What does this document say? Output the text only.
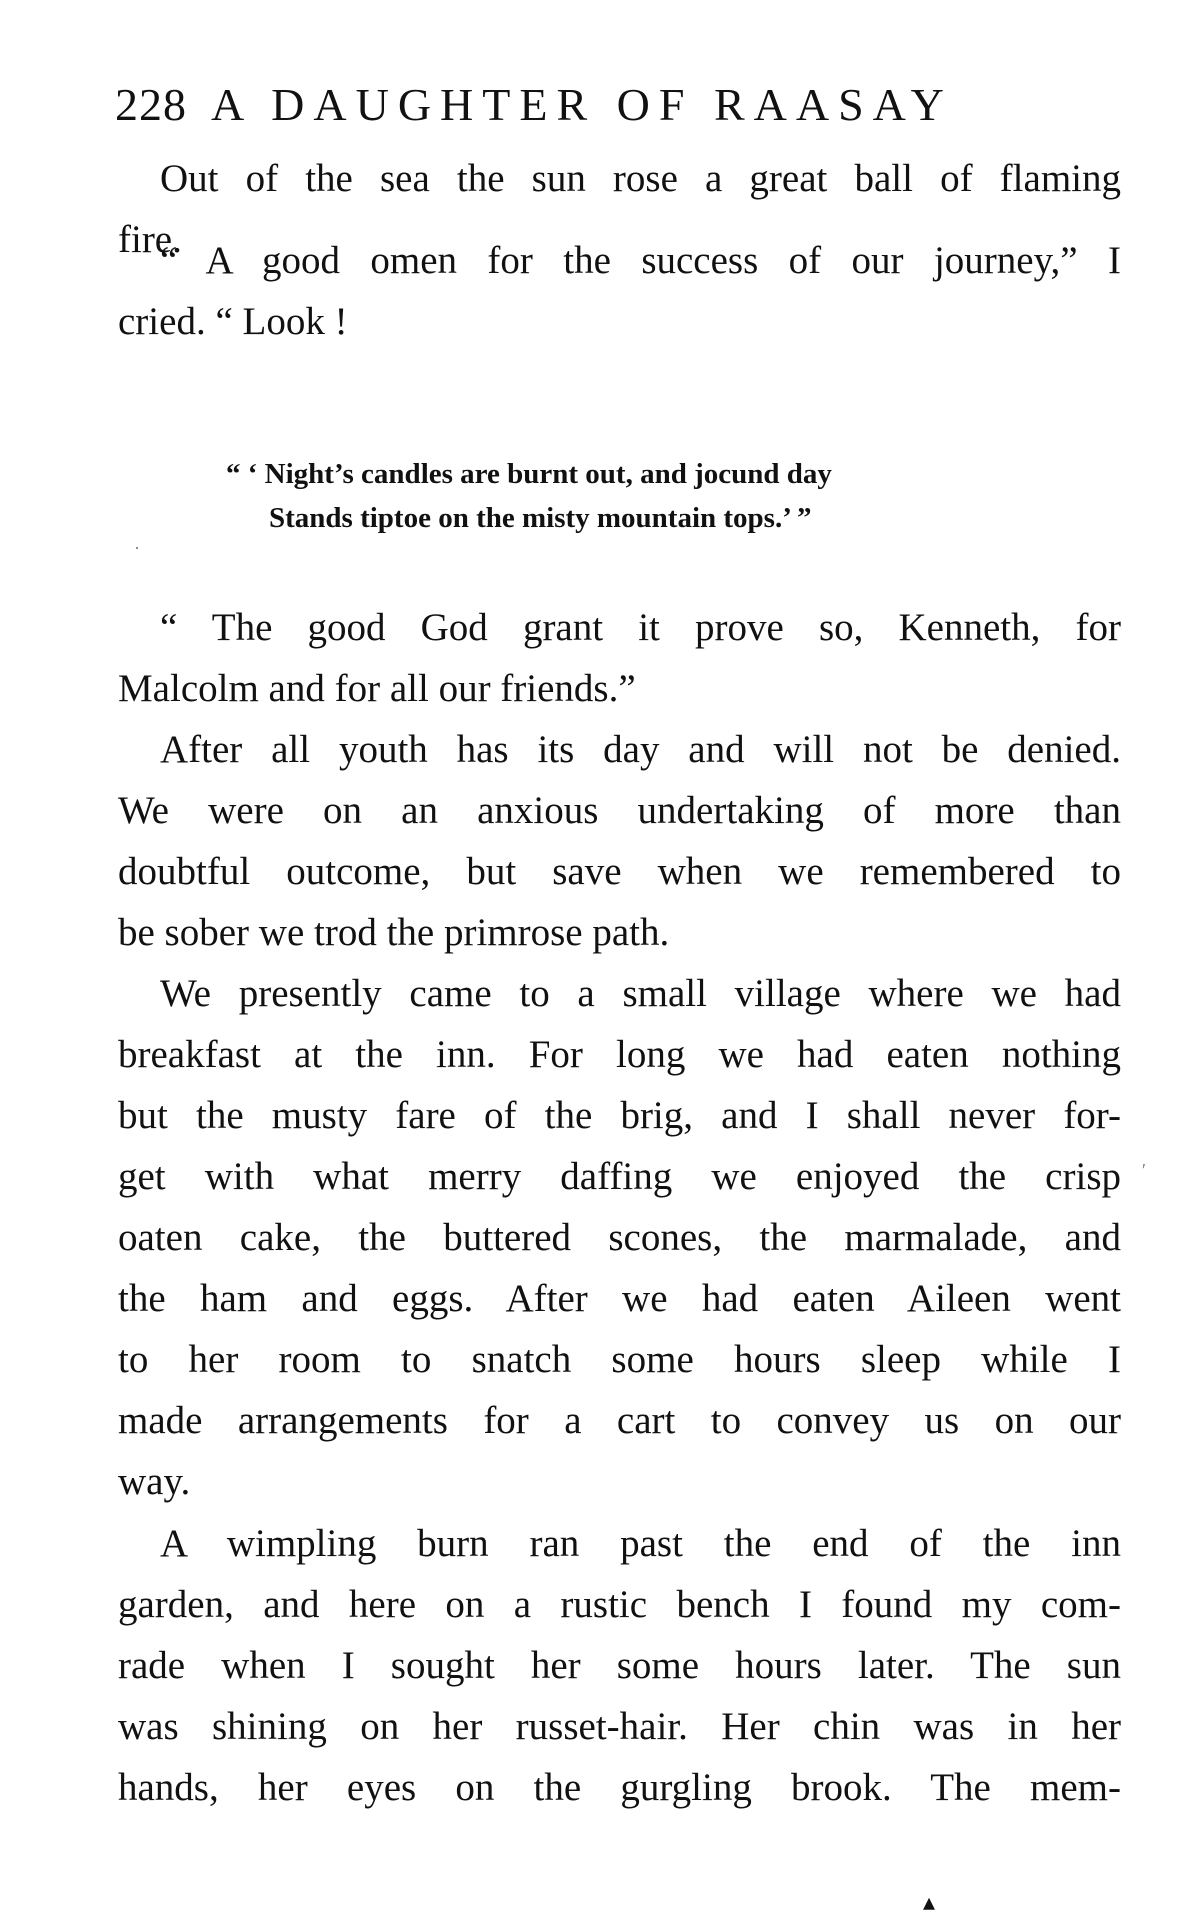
228 A DAUGHTER OF RAASAY
Out of the sea the sun rose a great ball of flaming
fire.
“ A good omen for the success of our journey,” I
cried. “ Look !
“ ‘ Night’s candles are burnt out, and jocund day
Stands tiptoe on the misty mountain tops.’ ”
“ The good God grant it prove so, Kenneth, for
Malcolm and for all our friends.”
After all youth has its day and will not be denied.
We were on an anxious undertaking of more than
doubtful outcome, but save when we remembered to
be sober we trod the primrose path.
We presently came to a small village where we had
breakfast at the inn. For long we had eaten nothing
but the musty fare of the brig, and I shall never for-
get with what merry daffing we enjoyed the crisp
oaten cake, the buttered scones, the marmalade, and
the ham and eggs. After we had eaten Aileen went
to her room to snatch some hours sleep while I
made arrangements for a cart to convey us on our
way.
A wimpling burn ran past the end of the inn
garden, and here on a rustic bench I found my com-
rade when I sought her some hours later. The sun
was shining on her russet-hair. Her chin was in her
hands, her eyes on the gurgling brook. The mem-
·
′
▴
